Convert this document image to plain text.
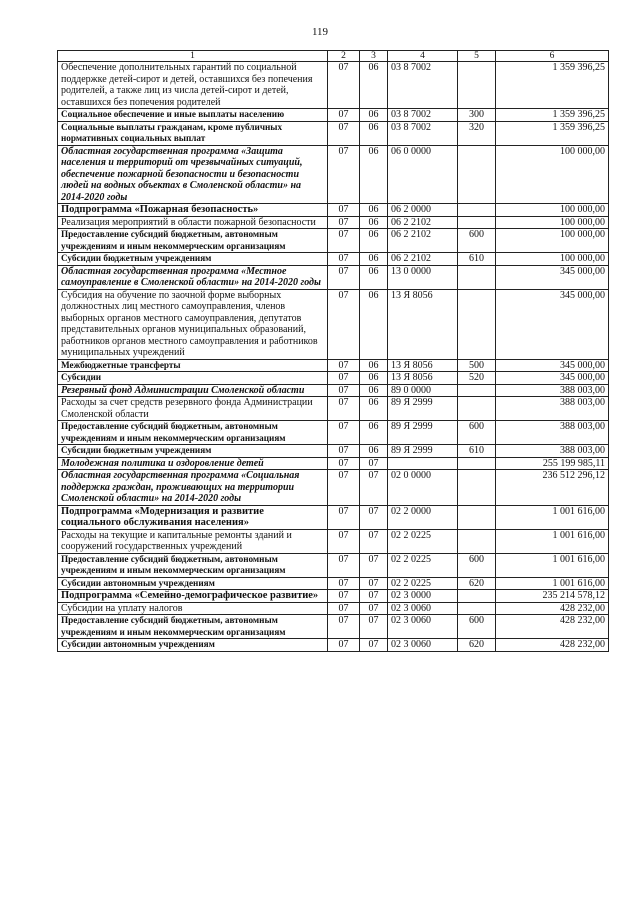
119
1	2	3	4	5	6
Обеспечение дополнительных гарантий по социальной поддержке детей-сирот и детей, оставшихся без попечения родителей, а также лиц из числа детей-сирот и детей, оставшихся без попечения родителей	07	06	03 8 7002		1 359 396,25
Социальное обеспечение и иные выплаты населению	07	06	03 8 7002	300	1 359 396,25
Социальные выплаты гражданам, кроме публичных нормативных социальных выплат	07	06	03 8 7002	320	1 359 396,25
Областная государственная программа «Защита населения и территорий от чрезвычайных ситуаций, обеспечение пожарной безопасности и безопасности людей на водных объектах в Смоленской области» на 2014-2020 годы	07	06	06 0 0000		100 000,00
Подпрограмма «Пожарная безопасность»	07	06	06 2 0000		100 000,00
Реализация мероприятий в области пожарной безопасности	07	06	06 2 2102		100 000,00
Предоставление субсидий бюджетным, автономным учреждениям и иным некоммерческим организациям	07	06	06 2 2102	600	100 000,00
Субсидии бюджетным учреждениям	07	06	06 2 2102	610	100 000,00
Областная государственная программа «Местное самоуправление в Смоленской области» на 2014-2020 годы	07	06	13 0 0000		345 000,00
Субсидия на обучение по заочной форме выборных должностных лиц местного самоуправления, членов выборных органов местного самоуправления, депутатов представительных органов муниципальных образований, работников органов местного самоуправления и работников муниципальных учреждений	07	06	13 Я 8056		345 000,00
Межбюджетные трансферты	07	06	13 Я 8056	500	345 000,00
Субсидии	07	06	13 Я 8056	520	345 000,00
Резервный фонд Администрации Смоленской области	07	06	89 0 0000		388 003,00
Расходы за счет средств резервного фонда Администрации Смоленской области	07	06	89 Я 2999		388 003,00
Предоставление субсидий бюджетным, автономным учреждениям и иным некоммерческим организациям	07	06	89 Я 2999	600	388 003,00
Субсидии бюджетным учреждениям	07	06	89 Я 2999	610	388 003,00
Молодежная политика и оздоровление детей	07	07			255 199 985,11
Областная государственная программа «Социальная поддержка граждан, проживающих на территории Смоленской области» на 2014-2020 годы	07	07	02 0 0000		236 512 296,12
Подпрограмма «Модернизация и развитие социального обслуживания населения»	07	07	02 2 0000		1 001 616,00
Расходы на текущие и капитальные ремонты зданий и сооружений государственных учреждений	07	07	02 2 0225		1 001 616,00
Предоставление субсидий бюджетным, автономным учреждениям и иным некоммерческим организациям	07	07	02 2 0225	600	1 001 616,00
Субсидии автономным учреждениям	07	07	02 2 0225	620	1 001 616,00
Подпрограмма «Семейно-демографическое развитие»	07	07	02 3 0000		235 214 578,12
Субсидии на уплату налогов	07	07	02 3 0060		428 232,00
Предоставление субсидий бюджетным, автономным учреждениям и иным некоммерческим организациям	07	07	02 3 0060	600	428 232,00
Субсидии автономным учреждениям	07	07	02 3 0060	620	428 232,00
